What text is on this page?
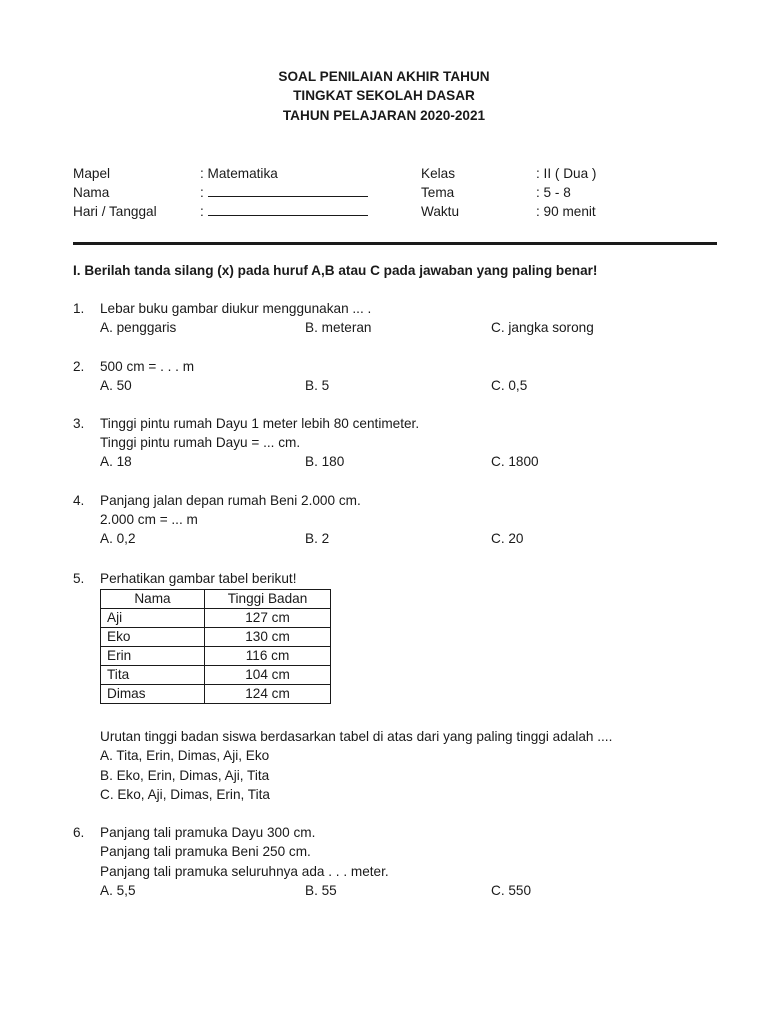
SOAL PENILAIAN AKHIR TAHUN
TINGKAT SEKOLAH DASAR
TAHUN PELAJARAN 2020-2021
Mapel	: Matematika
Nama	:
Hari / Tanggal	:
Kelas	: II ( Dua )
Tema	: 5 - 8
Waktu	: 90 menit
I. Berilah tanda silang (x) pada huruf A,B atau C pada jawaban yang paling benar!
1. Lebar buku gambar diukur menggunakan ... .
A. penggaris	B. meteran	C. jangka sorong
2. 500 cm = . . . m
A. 50	B. 5	C. 0,5
3. Tinggi pintu rumah Dayu 1 meter lebih 80 centimeter.
Tinggi pintu rumah Dayu = ... cm.
A. 18	B. 180	C. 1800
4. Panjang jalan depan rumah Beni 2.000 cm.
2.000 cm = ... m
A. 0,2	B. 2	C. 20
5. Perhatikan gambar tabel berikut!
Nama	Tinggi Badan
Aji	127 cm
Eko	130 cm
Erin	116 cm
Tita	104 cm
Dimas	124 cm
Urutan tinggi badan siswa berdasarkan tabel di atas dari yang paling tinggi adalah ....
A. Tita, Erin, Dimas, Aji, Eko
B. Eko, Erin, Dimas, Aji, Tita
C. Eko, Aji, Dimas, Erin, Tita
6. Panjang tali pramuka Dayu 300 cm.
Panjang tali pramuka Beni 250 cm.
Panjang tali pramuka seluruhnya ada . . . meter.
A. 5,5	B. 55	C. 550
